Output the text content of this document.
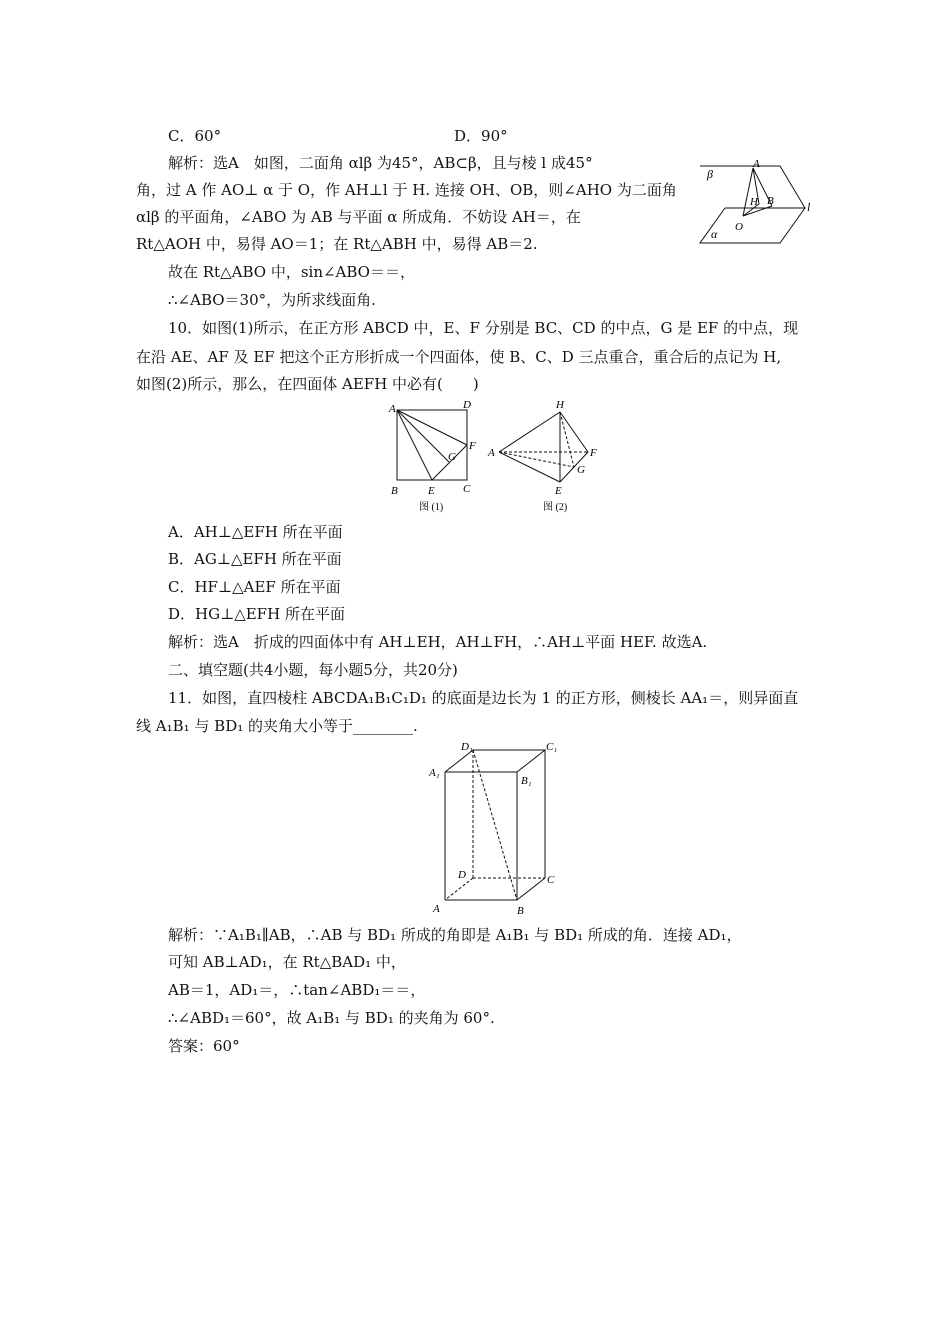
C．60°	D．90°
解析：选A　如图，二面角 αlβ 为45°，AB⊂β，且与棱 l 成45°
角，过 A 作 AO⊥ α 于 O，作 AH⊥l 于 H. 连接 OH、OB，则∠AHO 为二面角
αlβ 的平面角，∠ABO 为 AB 与平面 α 所成角．不妨设 AH＝，在
Rt△AOH 中，易得 AO＝1；在 Rt△ABH 中，易得 AB＝2.
故在 Rt△ABO 中，sin∠ABO＝＝，
∴∠ABO＝30°，为所求线面角.
β
α
l
A
H B
O
10．如图(1)所示，在正方形 ABCD 中，E、F 分别是 BC、CD 的中点，G 是 EF 的中点，现
在沿 AE、AF 及 EF 把这个正方形折成一个四面体，使 B、C、D 三点重合，重合后的点记为 H,
如图(2)所示，那么，在四面体 AEFH 中必有(　　)
A	D
F
G
B	E	C
图 (1)
H
A	F
G
E
图 (2)
A．AH⊥△EFH 所在平面
B．AG⊥△EFH 所在平面
C．HF⊥△AEF 所在平面
D．HG⊥△EFH 所在平面
解析：选A　折成的四面体中有 AH⊥EH，AH⊥FH，∴AH⊥平面 HEF. 故选A.
二、填空题(共4小题，每小题5分，共20分)
11．如图，直四棱柱 ABCDA₁B₁C₁D₁ 的底面是边长为 1 的正方形，侧棱长 AA₁＝，则异面直
线 A₁B₁ 与 BD₁ 的夹角大小等于________.
D₁	C₁
A₁
B₁
D	C
A	B
解析：∵A₁B₁∥AB，∴AB 与 BD₁ 所成的角即是 A₁B₁ 与 BD₁ 所成的角．连接 AD₁，
可知 AB⊥AD₁，在 Rt△BAD₁ 中，
AB＝1，AD₁＝，∴tan∠ABD₁＝＝，
∴∠ABD₁＝60°，故 A₁B₁ 与 BD₁ 的夹角为 60°.
答案：60°
